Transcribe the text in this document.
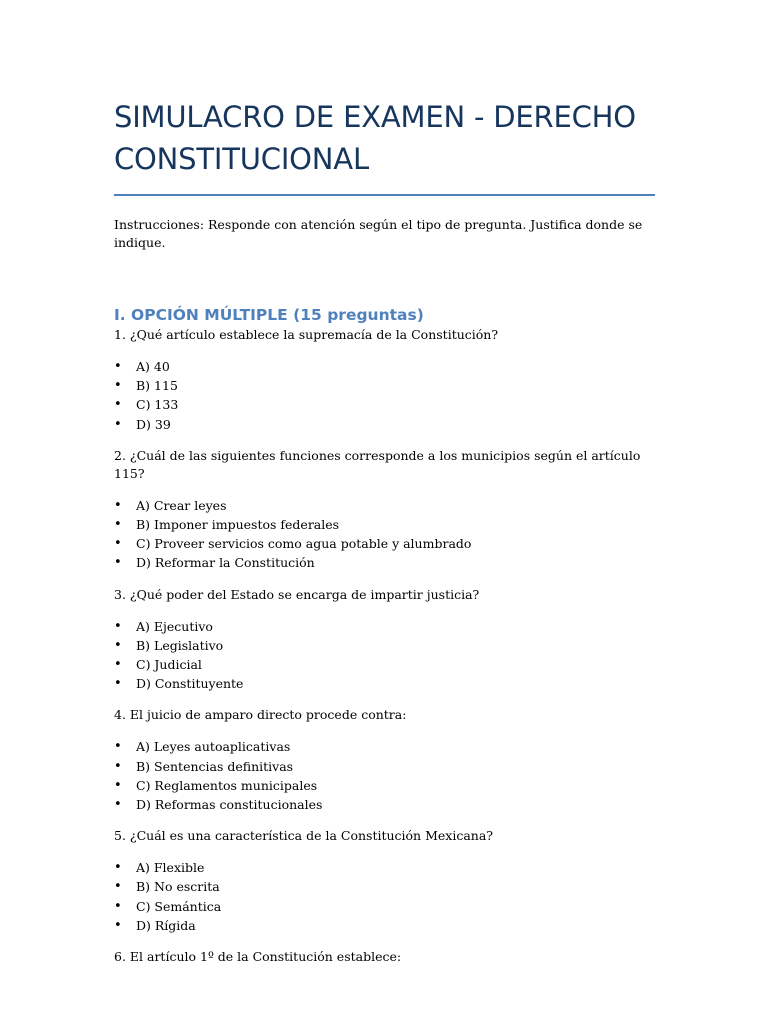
SIMULACRO DE EXAMEN - DERECHO CONSTITUCIONAL

Instrucciones: Responde con atención según el tipo de pregunta. Justifica donde se indique.

I. OPCIÓN MÚLTIPLE (15 preguntas)

1. ¿Qué artículo establece la supremacía de la Constitución?

• A) 40
• B) 115
• C) 133
• D) 39

2. ¿Cuál de las siguientes funciones corresponde a los municipios según el artículo 115?

• A) Crear leyes
• B) Imponer impuestos federales
• C) Proveer servicios como agua potable y alumbrado
• D) Reformar la Constitución

3. ¿Qué poder del Estado se encarga de impartir justicia?

• A) Ejecutivo
• B) Legislativo
• C) Judicial
• D) Constituyente

4. El juicio de amparo directo procede contra:

• A) Leyes autoaplicativas
• B) Sentencias definitivas
• C) Reglamentos municipales
• D) Reformas constitucionales

5. ¿Cuál es una característica de la Constitución Mexicana?

• A) Flexible
• B) No escrita
• C) Semántica
• D) Rígida

6. El artículo 1º de la Constitución establece:
